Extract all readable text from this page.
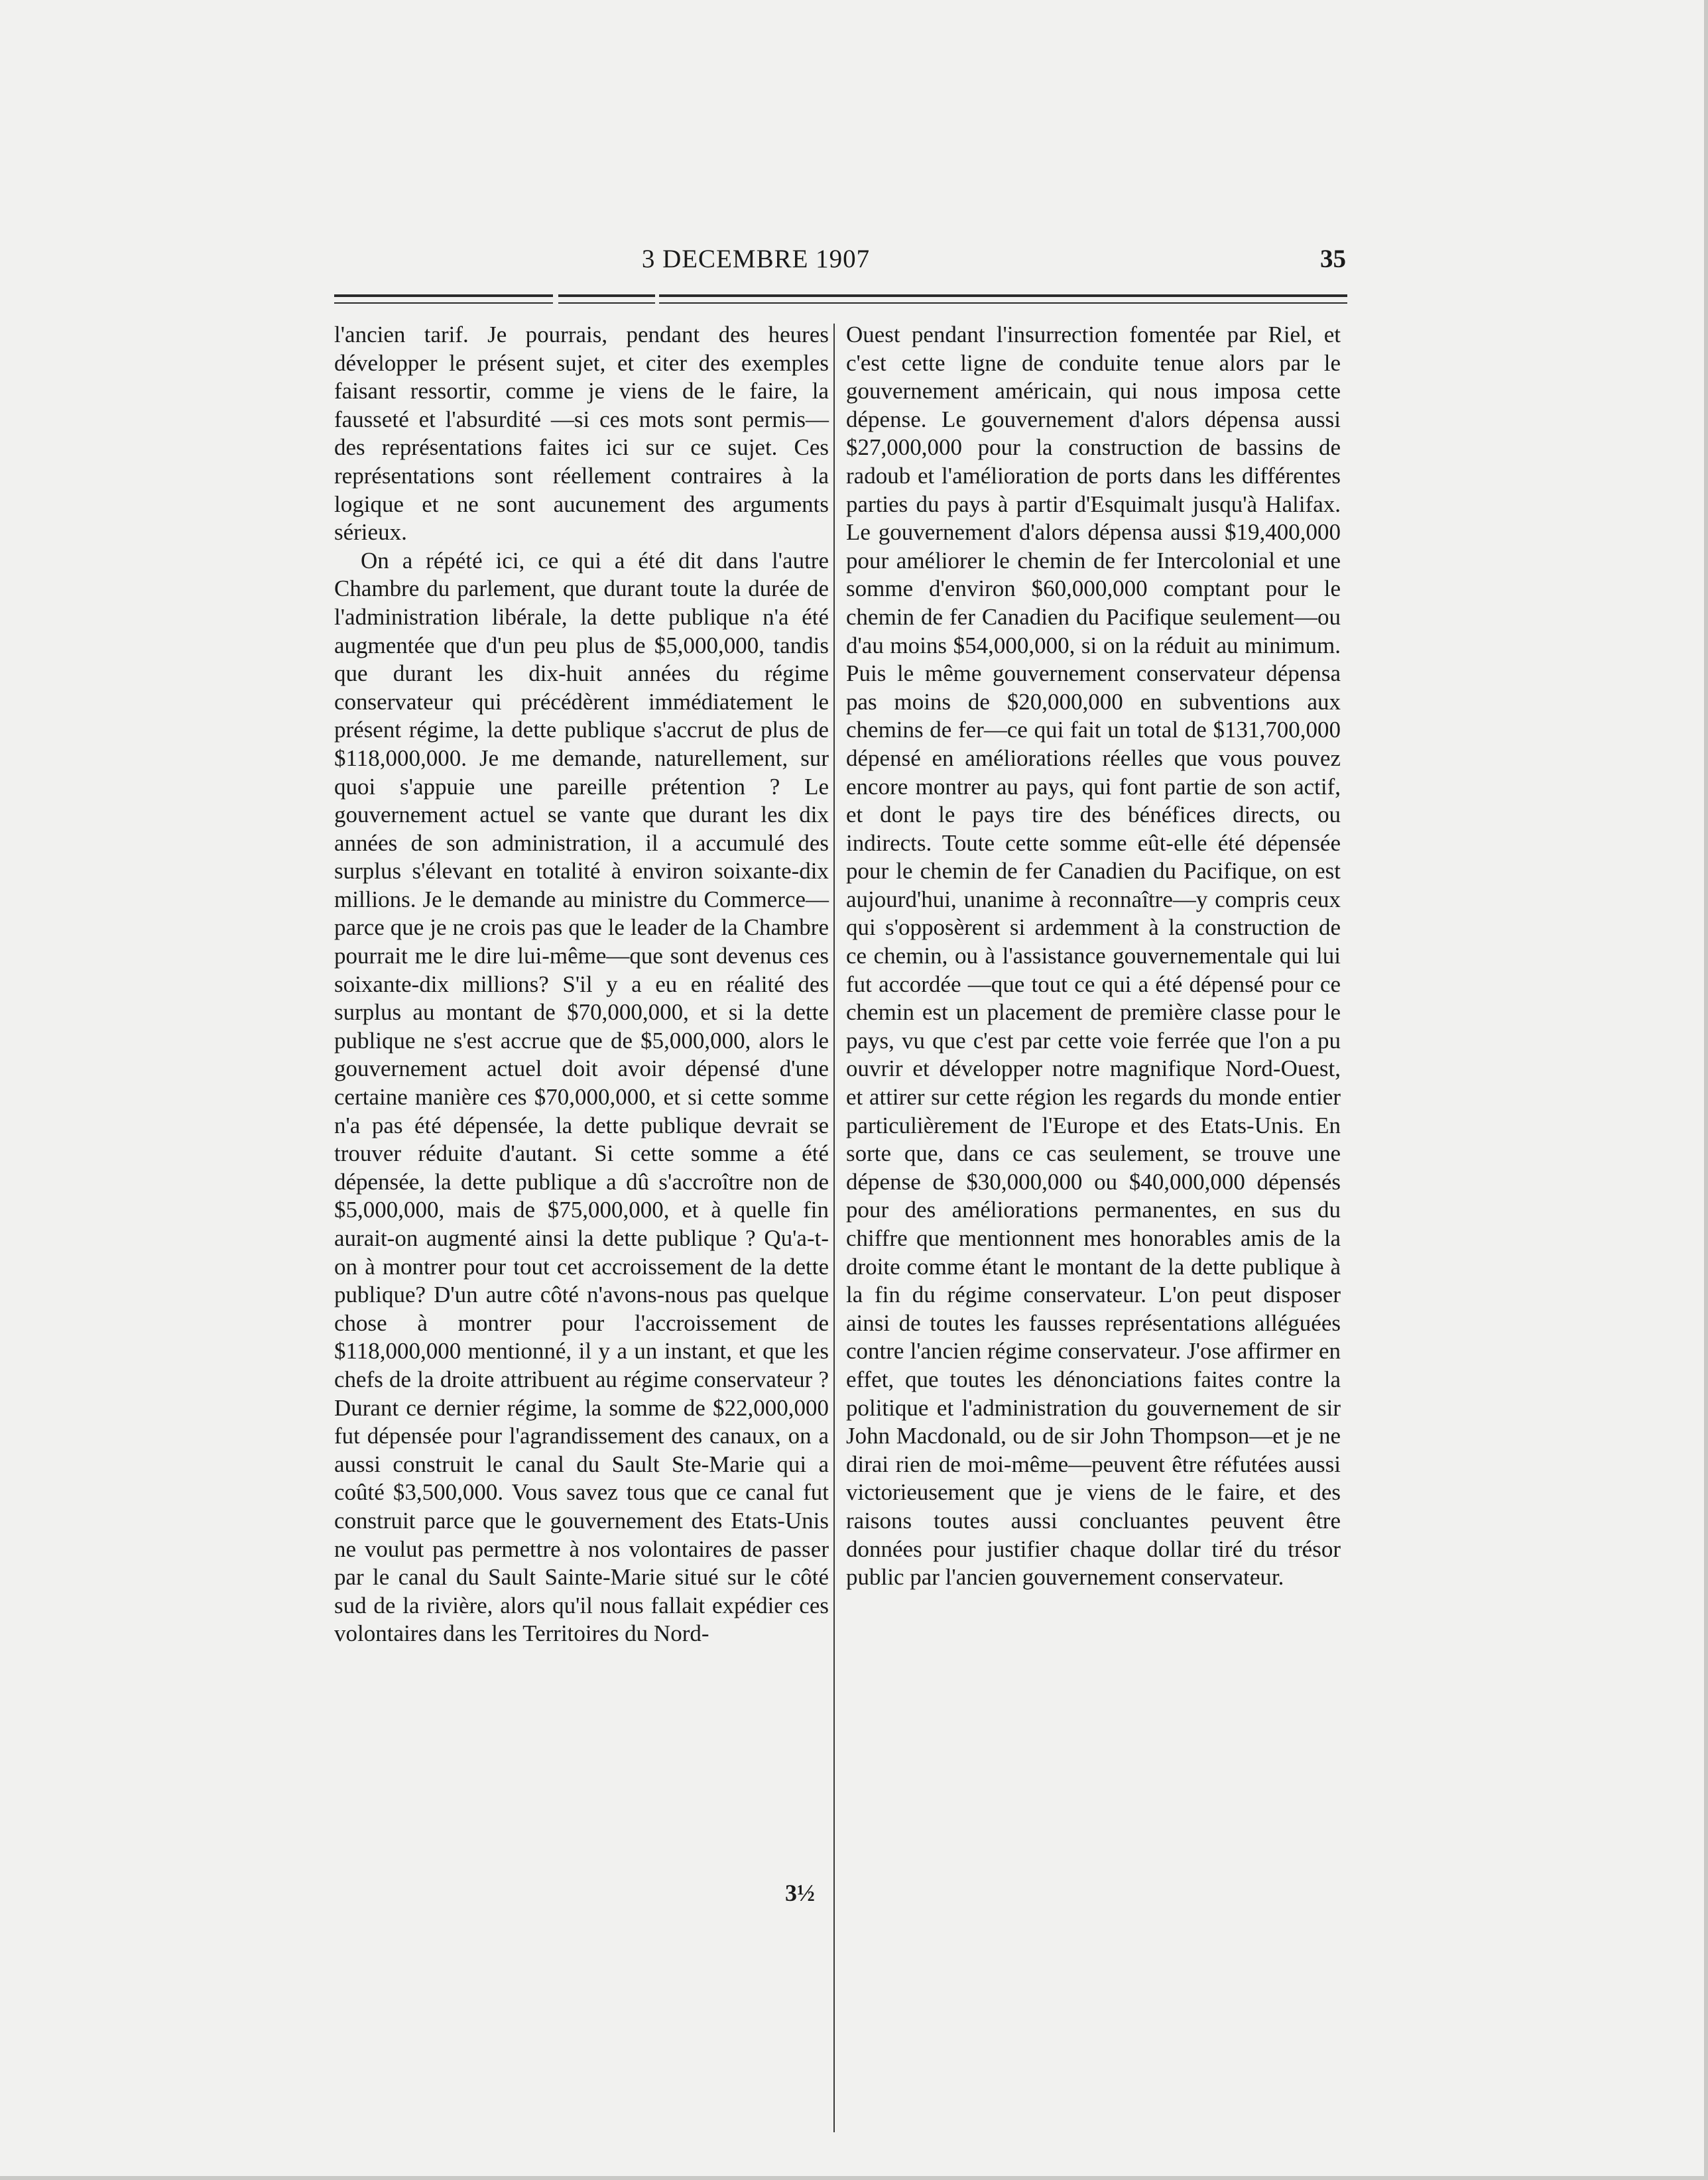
3 DECEMBRE 1907	35

l'ancien tarif. Je pourrais, pendant des heures développer le présent sujet, et citer des exemples faisant ressortir, comme je viens de le faire, la fausseté et l'absurdité —si ces mots sont permis—des représentations faites ici sur ce sujet. Ces représentations sont réellement contraires à la logique et ne sont aucunement des arguments sérieux.

On a répété ici, ce qui a été dit dans l'autre Chambre du parlement, que durant toute la durée de l'administration libérale, la dette publique n'a été augmentée que d'un peu plus de $5,000,000, tandis que durant les dix-huit années du régime conservateur qui précédèrent immédiatement le présent régime, la dette publique s'accrut de plus de $118,000,000. Je me demande, naturellement, sur quoi s'appuie une pareille prétention ? Le gouvernement actuel se vante que durant les dix années de son administration, il a accumulé des surplus s'élevant en totalité à environ soixante-dix millions. Je le demande au ministre du Commerce—parce que je ne crois pas que le leader de la Chambre pourrait me le dire lui-même—que sont devenus ces soixante-dix millions? S'il y a eu en réalité des surplus au montant de $70,000,000, et si la dette publique ne s'est accrue que de $5,000,000, alors le gouvernement actuel doit avoir dépensé d'une certaine manière ces $70,000,000, et si cette somme n'a pas été dépensée, la dette publique devrait se trouver réduite d'autant. Si cette somme a été dépensée, la dette publique a dû s'accroître non de $5,000,000, mais de $75,000,000, et à quelle fin aurait-on augmenté ainsi la dette publique ? Qu'a-t-on à montrer pour tout cet accroissement de la dette publique? D'un autre côté n'avons-nous pas quelque chose à montrer pour l'accroissement de $118,000,000 mentionné, il y a un instant, et que les chefs de la droite attribuent au régime conservateur ? Durant ce dernier régime, la somme de $22,000,000 fut dépensée pour l'agrandissement des canaux, on a aussi construit le canal du Sault Ste-Marie qui a coûté $3,500,000. Vous savez tous que ce canal fut construit parce que le gouvernement des Etats-Unis ne voulut pas permettre à nos volontaires de passer par le canal du Sault Sainte-Marie situé sur le côté sud de la rivière, alors qu'il nous fallait expédier ces volontaires dans les Territoires du Nord-

Ouest pendant l'insurrection fomentée par Riel, et c'est cette ligne de conduite tenue alors par le gouvernement américain, qui nous imposa cette dépense. Le gouvernement d'alors dépensa aussi $27,000,000 pour la construction de bassins de radoub et l'amélioration de ports dans les différentes parties du pays à partir d'Esquimalt jusqu'à Halifax. Le gouvernement d'alors dépensa aussi $19,400,000 pour améliorer le chemin de fer Intercolonial et une somme d'environ $60,000,000 comptant pour le chemin de fer Canadien du Pacifique seulement—ou d'au moins $54,000,000, si on la réduit au minimum. Puis le même gouvernement conservateur dépensa pas moins de $20,000,000 en subventions aux chemins de fer—ce qui fait un total de $131,700,000 dépensé en améliorations réelles que vous pouvez encore montrer au pays, qui font partie de son actif, et dont le pays tire des bénéfices directs, ou indirects. Toute cette somme eût-elle été dépensée pour le chemin de fer Canadien du Pacifique, on est aujourd'hui, unanime à reconnaître—y compris ceux qui s'opposèrent si ardemment à la construction de ce chemin, ou à l'assistance gouvernementale qui lui fut accordée —que tout ce qui a été dépensé pour ce chemin est un placement de première classe pour le pays, vu que c'est par cette voie ferrée que l'on a pu ouvrir et développer notre magnifique Nord-Ouest, et attirer sur cette région les regards du monde entier particulièrement de l'Europe et des Etats-Unis. En sorte que, dans ce cas seulement, se trouve une dépense de $30,000,000 ou $40,000,000 dépensés pour des améliorations permanentes, en sus du chiffre que mentionnent mes honorables amis de la droite comme étant le montant de la dette publique à la fin du régime conservateur. L'on peut disposer ainsi de toutes les fausses représentations alléguées contre l'ancien régime conservateur. J'ose affirmer en effet, que toutes les dénonciations faites contre la politique et l'administration du gouvernement de sir John Macdonald, ou de sir John Thompson—et je ne dirai rien de moi-même—peuvent être réfutées aussi victorieusement que je viens de le faire, et des raisons toutes aussi concluantes peuvent être données pour justifier chaque dollar tiré du trésor public par l'ancien gouvernement conservateur.

3½
